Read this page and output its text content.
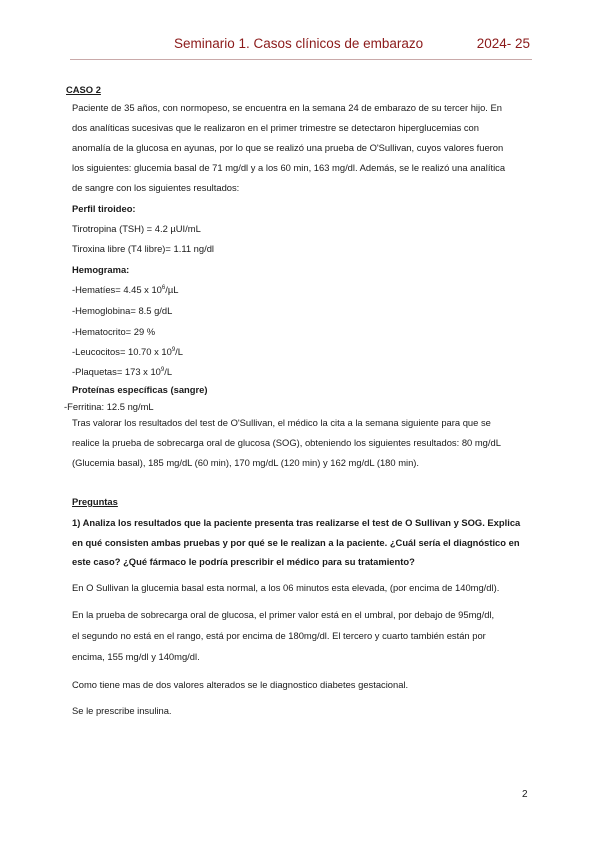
Seminario 1. Casos clínicos de embarazo	2024- 25
CASO 2
Paciente de 35 años, con normopeso, se encuentra en la semana 24 de embarazo de su tercer hijo. En
dos analíticas sucesivas que le realizaron en el primer trimestre se detectaron hiperglucemias con
anomalía de la glucosa en ayunas, por lo que se realizó una prueba de O'Sullivan, cuyos valores fueron
los siguientes: glucemia basal de 71 mg/dl y a los 60 min, 163 mg/dl. Además, se le realizó una analítica
de sangre con los siguientes resultados:
Perfil tiroideo:
Tirotropina (TSH) = 4.2 µUI/mL
Tiroxina libre (T4 libre)= 1.11 ng/dl
Hemograma:
-Hematíes= 4.45 x $10^6/\mu L$
-Hemoglobina= 8.5 g/dL
-Hematocrito= 29 %
-Leucocitos= 10.70 x $10^9/L$
-Plaquetas= 173 x $10^9/L$
Proteínas específicas (sangre)
-Ferritina: 12.5 ng/mL
Tras valorar los resultados del test de O'Sullivan, el médico la cita a la semana siguiente para que se
realice la prueba de sobrecarga oral de glucosa (SOG), obteniendo los siguientes resultados: 80 mg/dL
(Glucemia basal), 185 mg/dL (60 min), 170 mg/dL (120 min) y 162 mg/dL (180 min).
Preguntas
1) Analiza los resultados que la paciente presenta tras realizarse el test de O Sullivan y SOG. Explica
en qué consisten ambas pruebas y por qué se le realizan a la paciente. ¿Cuál sería el diagnóstico en
este caso? ¿Qué fármaco le podría prescribir el médico para su tratamiento?
En O Sullivan la glucemia basal esta normal, a los 06 minutos esta elevada, (por encima de 140mg/dl).
En la prueba de sobrecarga oral de glucosa, el primer valor está en el umbral, por debajo de 95mg/dl,
el segundo no está en el rango, está por encima de 180mg/dl. El tercero y cuarto también están por
encima, 155 mg/dl y 140mg/dl.
Como tiene mas de dos valores alterados se le diagnostico diabetes gestacional.
Se le prescribe insulina.
2
